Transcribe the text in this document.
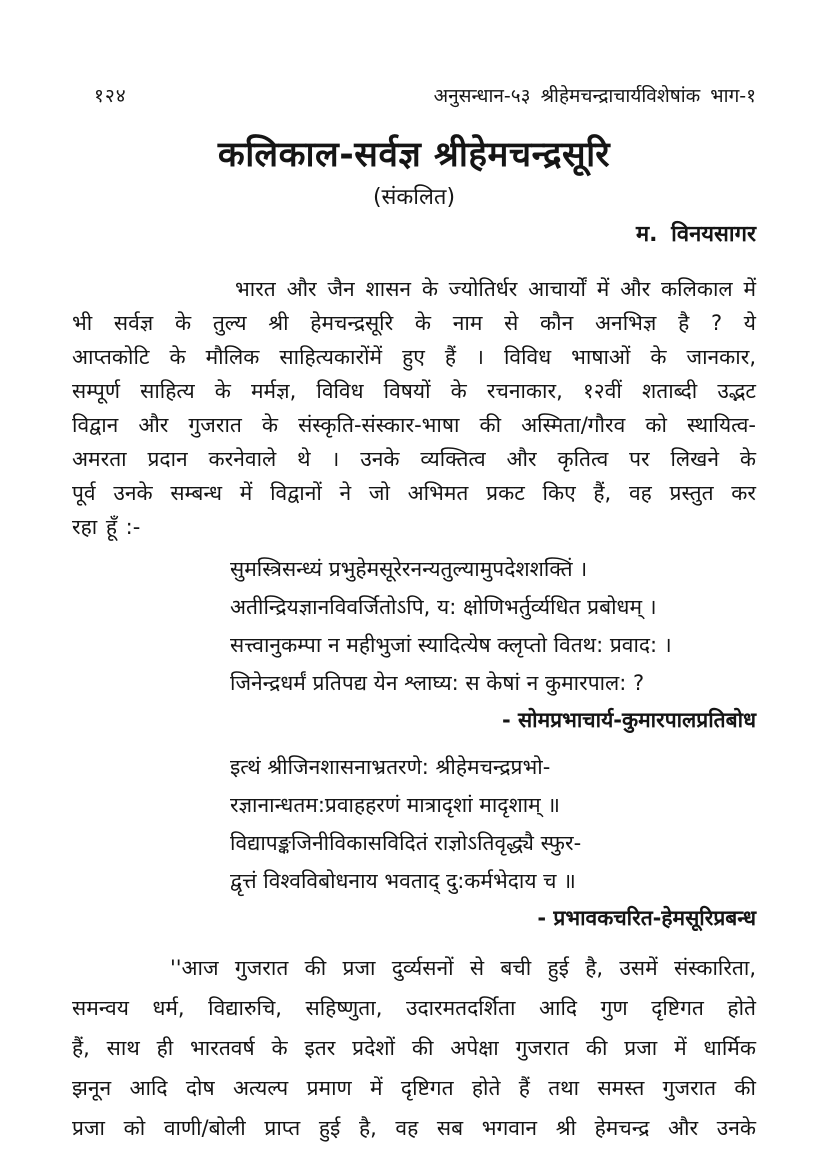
१२४	अनुसन्धान-५३ श्रीहेमचन्द्राचार्यविशेषांक भाग-१
कलिकाल-सर्वज्ञ श्रीहेमचन्द्रसूरि
(संकलित)
म. विनयसागर
भारत और जैन शासन के ज्योतिर्धर आचार्यों में और कलिकाल में
भी सर्वज्ञ के तुल्य श्री हेमचन्द्रसूरि के नाम से कौन अनभिज्ञ है ? ये
आप्तकोटि के मौलिक साहित्यकारोंमें हुए हैं । विविध भाषाओं के जानकार,
सम्पूर्ण साहित्य के मर्मज्ञ, विविध विषयों के रचनाकार, १२वीं शताब्दी उद्भट
विद्वान और गुजरात के संस्कृति-संस्कार-भाषा की अस्मिता/गौरव को स्थायित्व-
अमरता प्रदान करनेवाले थे । उनके व्यक्तित्व और कृतित्व पर लिखने के
पूर्व उनके सम्बन्ध में विद्वानों ने जो अभिमत प्रकट किए हैं, वह प्रस्तुत कर
रहा हूँ :-
सुमस्त्रिसन्ध्यं प्रभुहेमसूरेरनन्यतुल्यामुपदेशशक्तिं ।
अतीन्द्रियज्ञानविवर्जितोऽपि, य: क्षोणिभर्तुर्व्यधित प्रबोधम् ।
सत्त्वानुकम्पा न महीभुजां स्यादित्येष क्लृप्तो वितथ: प्रवाद: ।
जिनेन्द्रधर्मं प्रतिपद्य येन श्लाघ्य: स केषां न कुमारपाल: ?
- सोमप्रभाचार्य-कुमारपालप्रतिबोध
इत्थं श्रीजिनशासनाभ्रतरणे: श्रीहेमचन्द्रप्रभो-
रज्ञानान्धतम:प्रवाहहरणं मात्रादृशां मादृशाम् ॥
विद्यापङ्कजिनीविकासविदितं राज्ञोऽतिवृद्ध्यै स्फुर-
द्वृत्तं विश्वविबोधनाय भवताद् दु:कर्मभेदाय च ॥
- प्रभावकचरित-हेमसूरिप्रबन्ध
''आज गुजरात की प्रजा दुर्व्यसनों से बची हुई है, उसमें संस्कारिता,
समन्वय धर्म, विद्यारुचि, सहिष्णुता, उदारमतदर्शिता आदि गुण दृष्टिगत होते
हैं, साथ ही भारतवर्ष के इतर प्रदेशों की अपेक्षा गुजरात की प्रजा में धार्मिक
झनून आदि दोष अत्यल्प प्रमाण में दृष्टिगत होते हैं तथा समस्त गुजरात की
प्रजा को वाणी/बोली प्राप्त हुई है, वह सब भगवान श्री हेमचन्द्र और उनके
